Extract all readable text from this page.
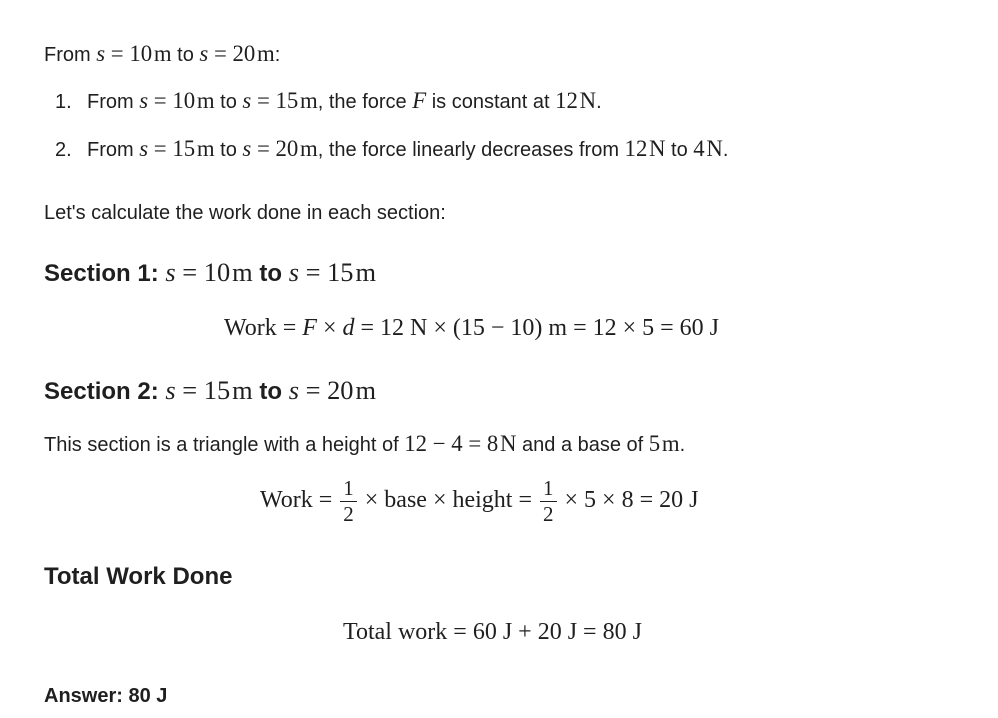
From s = 10 m to s = 20 m:
1. From s = 10 m to s = 15 m, the force F is constant at 12 N.
2. From s = 15 m to s = 20 m, the force linearly decreases from 12 N to 4 N.
Let's calculate the work done in each section:
Section 1: s = 10 m to s = 15 m
Work = F × d = 12 N × (15 − 10) m = 12 × 5 = 60 J
Section 2: s = 15 m to s = 20 m
This section is a triangle with a height of 12 − 4 = 8 N and a base of 5 m.
Work = $\frac{1}{2}$ × base × height = $\frac{1}{2} \times 5 \times 8 = 20$ J
Total Work Done
Total work = 60 J + 20 J = 80 J
Answer: 80 J
